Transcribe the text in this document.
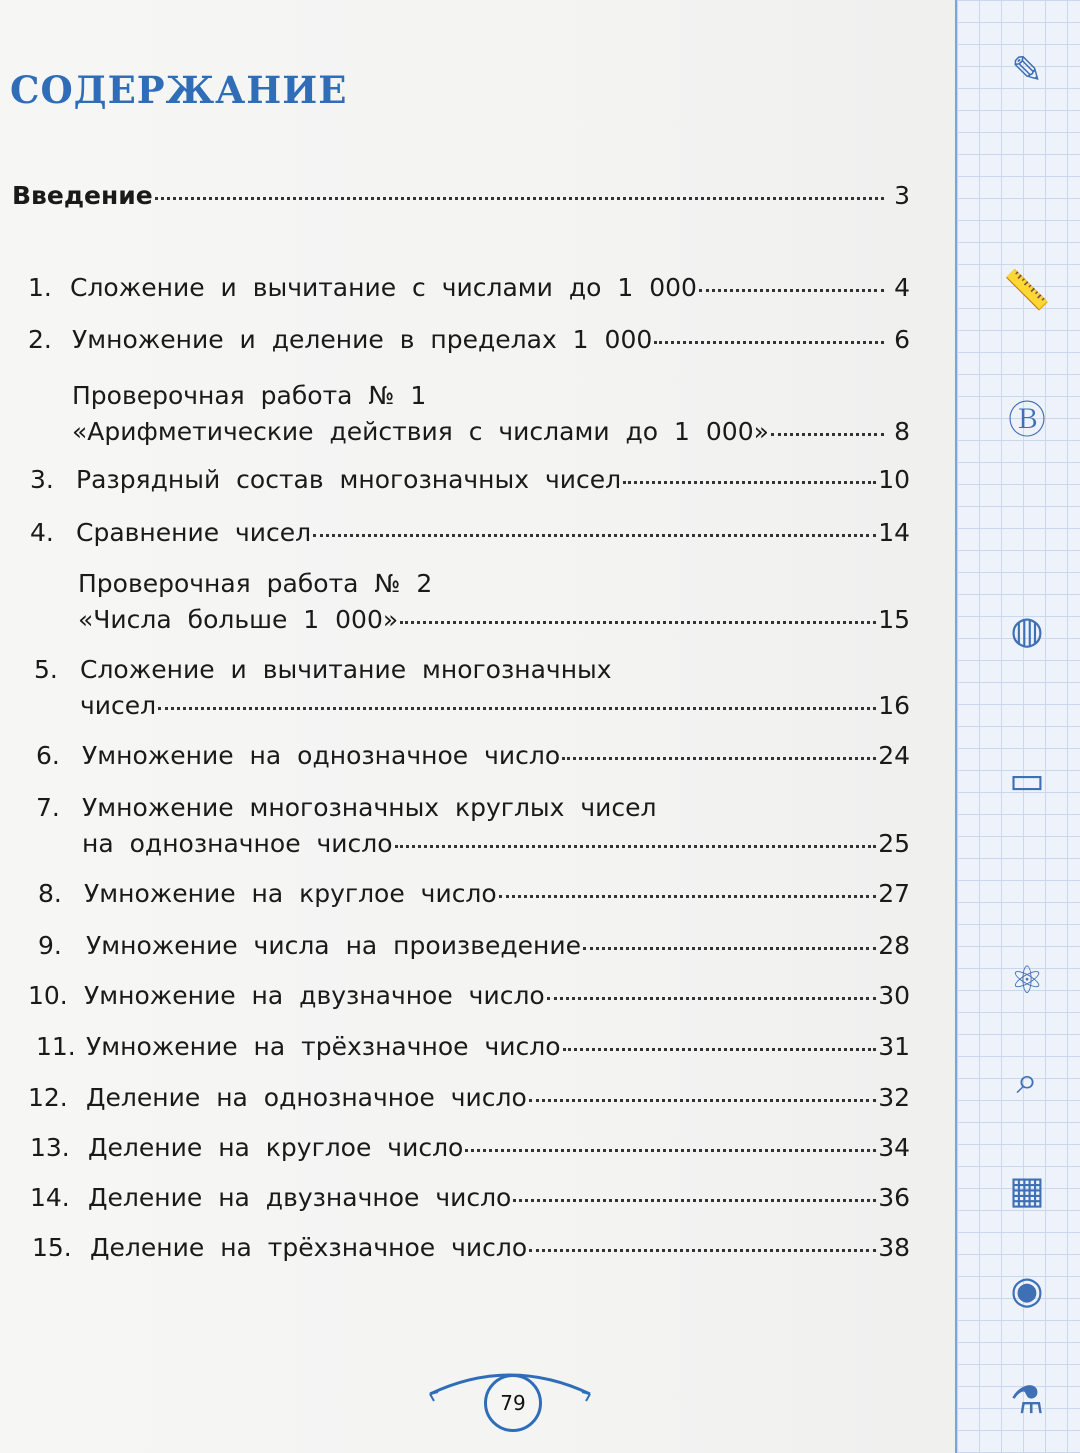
СОДЕРЖАНИЕ
Введение	3
1. Сложение и вычитание с числами до 1 000	4
2. Умножение и деление в пределах 1 000	6
Проверочная работа № 1
«Арифметические действия с числами до 1 000»	8
3. Разрядный состав многозначных чисел	10
4. Сравнение чисел	14
Проверочная работа № 2
«Числа больше 1 000»	15
5. Сложение и вычитание многозначных
чисел	16
6. Умножение на однозначное число	24
7. Умножение многозначных круглых чисел
на однозначное число	25
8. Умножение на круглое число	27
9. Умножение числа на произведение	28
10. Умножение на двузначное число	30
11. Умножение на трёхзначное число	31
12. Деление на однозначное число	32
13. Деление на круглое число	34
14. Деление на двузначное число	36
15. Деление на трёхзначное число	38
✎
📏
Ⓑ
◍
▭
⚛
⌕
▦
◉
⚗
79
